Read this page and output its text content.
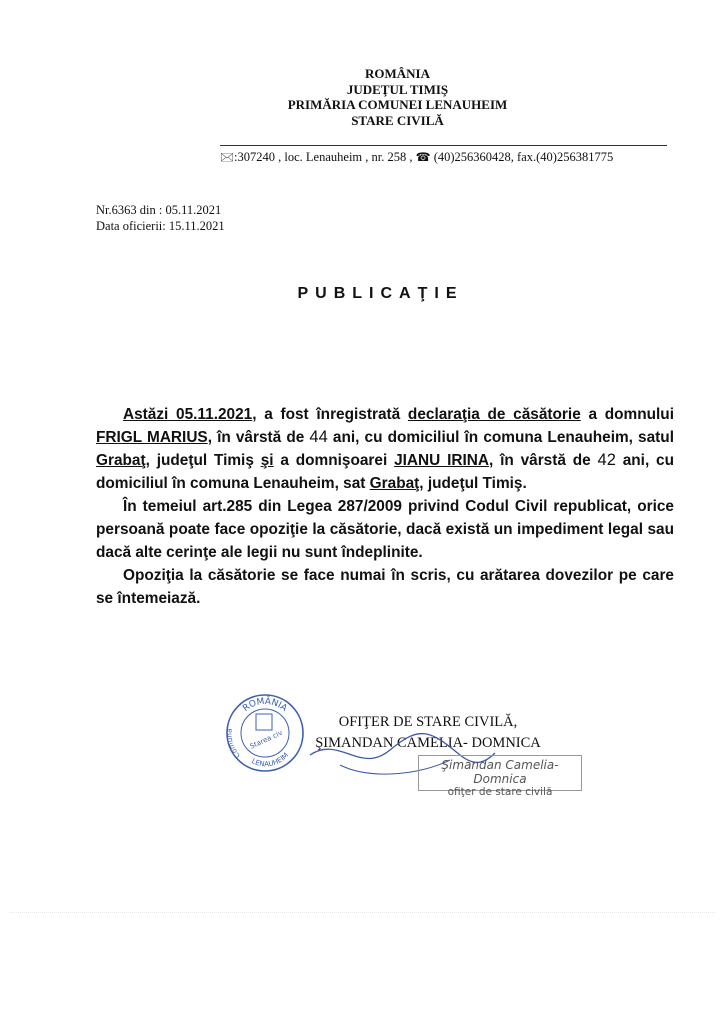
ROMÂNIA
JUDEŢUL TIMIŞ
PRIMĂRIA COMUNEI LENAUHEIM
STARE CIVILĂ
🖂:307240 , loc. Lenauheim , nr. 258 , ☎ (40)256360428, fax.(40)256381775
Nr.6363 din : 05.11.2021
Data oficierii: 15.11.2021
PUBLICAŢIE

Astăzi 05.11.2021, a fost înregistrată declaraţia de căsătorie a domnului FRIGL MARIUS, în vârstă de 44 ani, cu domiciliul în comuna Lenauheim, satul Grabaţ, judeţul Timiş şi a domnişoarei JIANU IRINA, în vârstă de 42 ani, cu domiciliul în comuna Lenauheim, sat Grabaţ, judeţul Timiş.

În temeiul art.285 din Legea 287/2009 privind Codul Civil republicat, orice persoană poate face opoziţie la căsătorie, dacă există un impediment legal sau dacă alte cerinţe ale legii nu sunt îndeplinite.

Opoziţia la căsătorie se face numai în scris, cu arătarea dovezilor pe care se întemeiază.

ROMÂNIA
Comuna
LENAUHEIM
Starea civ
OFIŢER DE STARE CIVILĂ,
ŞIMANDAN CAMELIA- DOMNICA
Şimandan Camelia-Domnica
ofiţer de stare civilă
